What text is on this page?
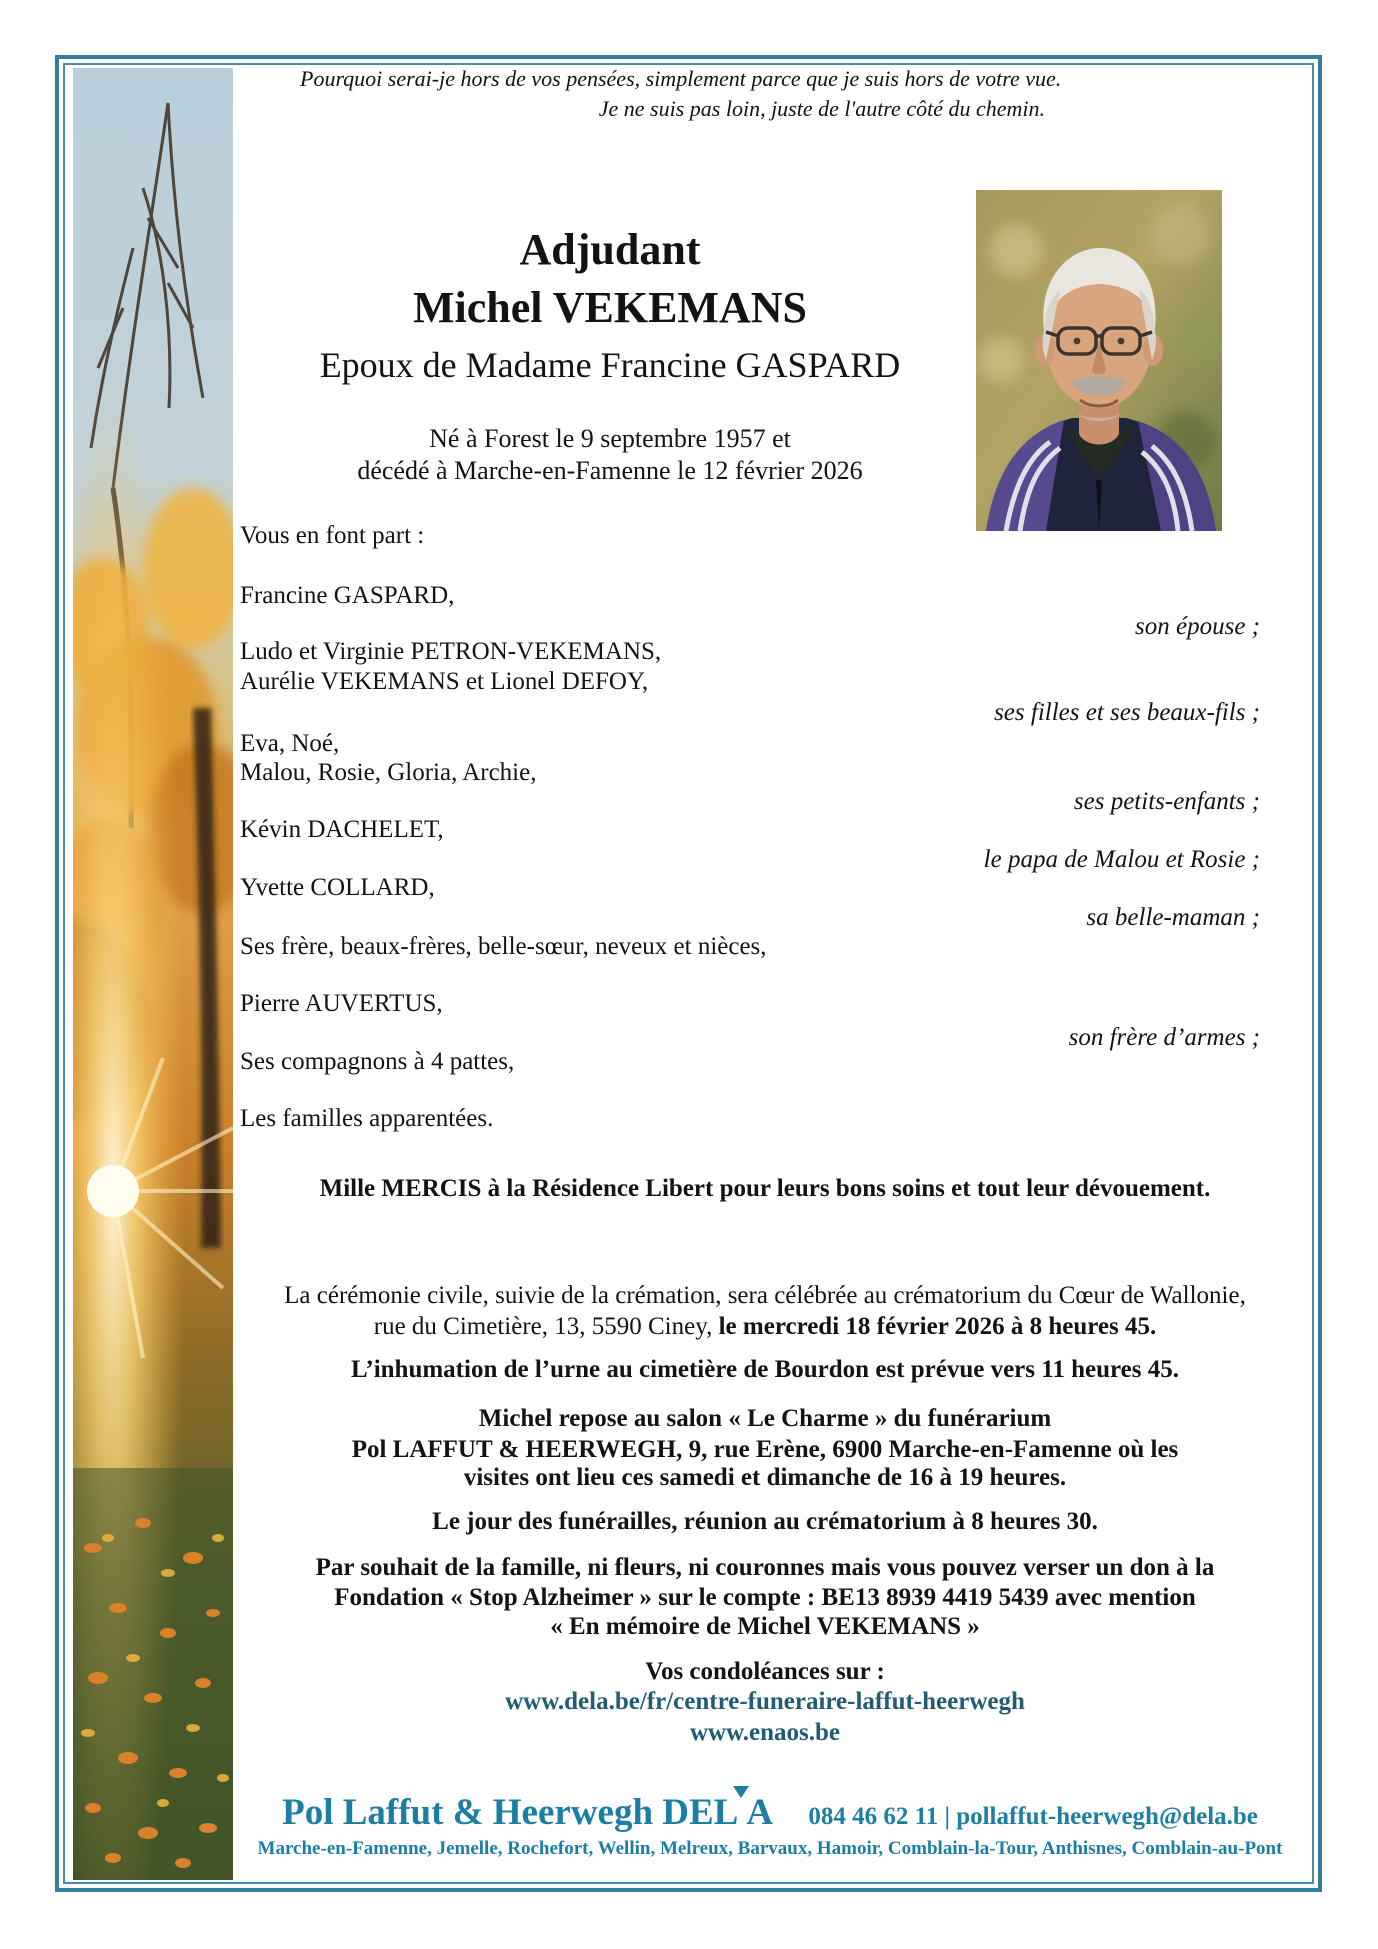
Pourquoi serai-je hors de vos pensées, simplement parce que je suis hors de votre vue.
Je ne suis pas loin, juste de l'autre côté du chemin.
Adjudant
Michel VEKEMANS
Epoux de Madame Francine GASPARD
Né à Forest le 9 septembre 1957 et
décédé à Marche-en-Famenne le 12 février 2026
Vous en font part :
Francine GASPARD,
son épouse ;
Ludo et Virginie PETRON-VEKEMANS,
Aurélie VEKEMANS et Lionel DEFOY,
ses filles et ses beaux-fils ;
Eva, Noé,
Malou, Rosie, Gloria, Archie,
ses petits-enfants ;
Kévin DACHELET,
le papa de Malou et Rosie ;
Yvette COLLARD,
sa belle-maman ;
Ses frère, beaux-frères, belle-sœur, neveux et nièces,
Pierre AUVERTUS,
son frère d’armes ;
Ses compagnons à 4 pattes,
Les familles apparentées.
Mille MERCIS à la Résidence Libert pour leurs bons soins et tout leur dévouement.
La cérémonie civile, suivie de la crémation, sera célébrée au crématorium du Cœur de Wallonie,
rue du Cimetière, 13, 5590 Ciney, le mercredi 18 février 2026 à 8 heures 45.
L’inhumation de l’urne au cimetière de Bourdon est prévue vers 11 heures 45.
Michel repose au salon « Le Charme » du funérarium
Pol LAFFUT & HEERWEGH, 9, rue Erène, 6900 Marche-en-Famenne où les
visites ont lieu ces samedi et dimanche de 16 à 19 heures.
Le jour des funérailles, réunion au crématorium à 8 heures 30.
Par souhait de la famille, ni fleurs, ni couronnes mais vous pouvez verser un don à la
Fondation « Stop Alzheimer » sur le compte : BE13 8939 4419 5439 avec mention
« En mémoire de Michel VEKEMANS »
Vos condoléances sur :
www.dela.be/fr/centre-funeraire-laffut-heerwegh
www.enaos.be
Pol Laffut & Heerwegh DEL A 084 46 62 11 | pollaffut-heerwegh@dela.be
Marche-en-Famenne, Jemelle, Rochefort, Wellin, Melreux, Barvaux, Hamoir, Comblain-la-Tour, Anthisnes, Comblain-au-Pont
